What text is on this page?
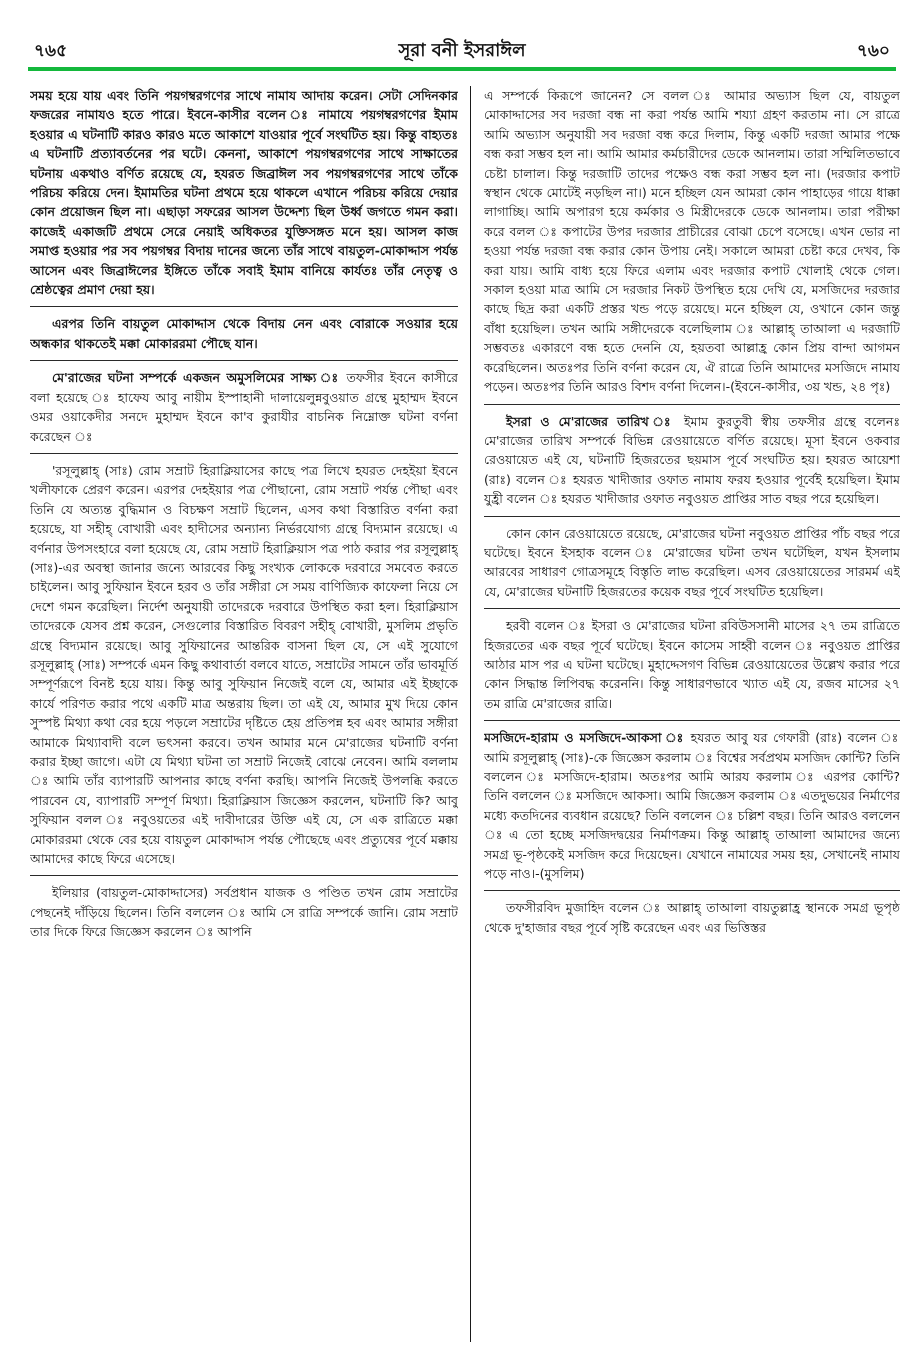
৭৬৫	সূরা বনী ইসরাঈল	৭৬০

সময় হয়ে যায় এবং তিনি পয়গম্বরগণের সাথে নামায আদায় করেন। সেটা সেদিনকার ফজরের নামাযও হতে পারে। ইবনে-কাসীর বলেন ঃ নামাযে পয়গম্বরগণের ইমাম হওয়ার এ ঘটনাটি কারও কারও মতে আকাশে যাওয়ার পূর্বে সংঘটিত হয়। কিন্তু বাহ্যতঃ এ ঘটনাটি প্রত্যাবর্তনের পর ঘটে। কেননা, আকাশে পয়গম্বরগণের সাথে সাক্ষাতের ঘটনায় একথাও বর্ণিত রয়েছে যে, হযরত জিব্রাঈল সব পয়গম্বরগণের সাথে তাঁকে পরিচয় করিয়ে দেন। ইমামতির ঘটনা প্রথমে হয়ে থাকলে এখানে পরিচয় করিয়ে দেয়ার কোন প্রয়োজন ছিল না। এছাড়া সফরের আসল উদ্দেশ্য ছিল উর্ধ্ব জগতে গমন করা। কাজেই একাজটি প্রথমে সেরে নেয়াই অধিকতর যুক্তিসঙ্গত মনে হয়। আসল কাজ সমাপ্ত হওয়ার পর সব পয়গম্বর বিদায় দানের জন্যে তাঁর সাথে বায়তুল-মোকাদ্দাস পর্যন্ত আসেন এবং জিব্রাঈলের ইঙ্গিতে তাঁকে সবাই ইমাম বানিয়ে কার্যতঃ তাঁর নেতৃত্ব ও শ্রেষ্ঠত্বের প্রমাণ দেয়া হয়।

এরপর তিনি বায়তুল মোকাদ্দাস থেকে বিদায় নেন এবং বোরাকে সওয়ার হয়ে অন্ধকার থাকতেই মক্কা মোকাররমা পৌছে যান।

মে'রাজের ঘটনা সম্পর্কে একজন অমুসলিমের সাক্ষ্য ঃ তফসীর ইবনে কাসীরে বলা হয়েছে ঃ হাফেয আবু নায়ীম ইস্পাহানী দালায়েলুন্নবুওয়াত গ্রন্থে মুহাম্মদ ইবনে ওমর ওয়াকেদীর সনদে মুহাম্মদ ইবনে কা'ব কুরাযীর বাচনিক নিম্নোক্ত ঘটনা বর্ণনা করেছেন ঃ

'রসূলুল্লাহ্ (সাঃ) রোম সম্রাট হিরাক্লিয়াসের কাছে পত্র লিখে হযরত দেহইয়া ইবনে খলীফাকে প্রেরণ করেন। এরপর দেহইয়ার পত্র পৌছানো, রোম সম্রাট পর্যন্ত পৌছা এবং তিনি যে অত্যন্ত বুদ্ধিমান ও বিচক্ষণ সম্রাট ছিলেন, এসব কথা বিস্তারিত বর্ণনা করা হয়েছে, যা সহীহ্ বোখারী এবং হাদীসের অন্যান্য নির্ভরযোগ্য গ্রন্থে বিদ্যমান রয়েছে। এ বর্ণনার উপসংহারে বলা হয়েছে যে, রোম সম্রাট হিরাক্লিয়াস পত্র পাঠ করার পর রসূলুল্লাহ্ (সাঃ)-এর অবস্থা জানার জন্যে আরবের কিছু সংখ্যক লোককে দরবারে সমবেত করতে চাইলেন। আবু সুফিয়ান ইবনে হরব ও তাঁর সঙ্গীরা সে সময় বাণিজ্যিক কাফেলা নিয়ে সে দেশে গমন করেছিল। নির্দেশ অনুযায়ী তাদেরকে দরবারে উপস্থিত করা হল। হিরাক্লিয়াস তাদেরকে যেসব প্রশ্ন করেন, সেগুলোর বিস্তারিত বিবরণ সহীহ্ বোখারী, মুসলিম প্রভৃতি গ্রন্থে বিদ্যমান রয়েছে। আবু সুফিয়ানের আন্তরিক বাসনা ছিল যে, সে এই সুযোগে রসূলুল্লাহ্ (সাঃ) সম্পর্কে এমন কিছু কথাবার্তা বলবে যাতে, সম্রাটের সামনে তাঁর ভাবমূর্তি সম্পূর্ণরূপে বিনষ্ট হয়ে যায়। কিন্তু আবু সুফিয়ান নিজেই বলে যে, আমার এই ইচ্ছাকে কার্যে পরিণত করার পথে একটি মাত্র অন্তরায় ছিল। তা এই যে, আমার মুখ দিয়ে কোন সুস্পষ্ট মিথ্যা কথা বের হয়ে পড়লে সম্রাটের দৃষ্টিতে হেয় প্রতিপন্ন হব এবং আমার সঙ্গীরা আমাকে মিথ্যাবাদী বলে ভৎসনা করবে। তখন আমার মনে মে'রাজের ঘটনাটি বর্ণনা করার ইচ্ছা জাগে। এটা যে মিথ্যা ঘটনা তা সম্রাট নিজেই বোঝে নেবেন। আমি বললাম ঃ আমি তাঁর ব্যাপারটি আপনার কাছে বর্ণনা করছি। আপনি নিজেই উপলব্ধি করতে পারবেন যে, ব্যাপারটি সম্পূর্ণ মিথ্যা। হিরাক্লিয়াস জিজ্ঞেস করলেন, ঘটনাটি কি? আবু সুফিয়ান বলল ঃ নবুওয়তের এই দাবীদারের উক্তি এই যে, সে এক রাত্রিতে মক্কা মোকাররমা থেকে বের হয়ে বায়তুল মোকাদ্দাস পর্যন্ত পৌছেছে এবং প্রত্যুষের পূর্বে মক্কায় আমাদের কাছে ফিরে এসেছে।

ইলিয়ার (বায়তুল-মোকাদ্দাসের) সর্বপ্রধান যাজক ও পণ্ডিত তখন রোম সম্রাটের পেছনেই দাঁড়িয়ে ছিলেন। তিনি বললেন ঃ আমি সে রাত্রি সম্পর্কে জানি। রোম সম্রাট তার দিকে ফিরে জিজ্ঞেস করলেন ঃ আপনি

এ সম্পর্কে কিরূপে জানেন? সে বলল ঃ আমার অভ্যাস ছিল যে, বায়তুল মোকাদ্দাসের সব দরজা বন্ধ না করা পর্যন্ত আমি শয্যা গ্রহণ করতাম না। সে রাত্রে আমি অভ্যাস অনুযায়ী সব দরজা বন্ধ করে দিলাম, কিন্তু একটি দরজা আমার পক্ষে বন্ধ করা সম্ভব হল না। আমি আমার কর্মচারীদের ডেকে আনলাম। তারা সম্মিলিতভাবে চেষ্টা চালাল। কিন্তু দরজাটি তাদের পক্ষেও বন্ধ করা সম্ভব হল না। (দরজার কপাট স্বস্থান থেকে মোটেই নড়ছিল না।) মনে হচ্ছিল যেন আমরা কোন পাহাড়ের গায়ে ধাক্কা লাগাচ্ছি। আমি অপারগ হয়ে কর্মকার ও মিস্ত্রীদেরকে ডেকে আনলাম। তারা পরীক্ষা করে বলল ঃ কপাটের উপর দরজার প্রাচীরের বোঝা চেপে বসেছে। এখন ভোর না হওয়া পর্যন্ত দরজা বন্ধ করার কোন উপায় নেই। সকালে আমরা চেষ্টা করে দেখব, কি করা যায়। আমি বাধ্য হয়ে ফিরে এলাম এবং দরজার কপাট খোলাই থেকে গেল। সকাল হওয়া মাত্র আমি সে দরজার নিকট উপস্থিত হয়ে দেখি যে, মসজিদের দরজার কাছে ছিদ্র করা একটি প্রস্তর খন্ড পড়ে রয়েছে। মনে হচ্ছিল যে, ওখানে কোন জন্তু বাঁধা হয়েছিল। তখন আমি সঙ্গীদেরকে বলেছিলাম ঃ আল্লাহ্ তাআলা এ দরজাটি সম্ভবতঃ একারণে বন্ধ হতে দেননি যে, হয়তবা আল্লাহ্র কোন প্রিয় বান্দা আগমন করেছিলেন। অতঃপর তিনি বর্ণনা করেন যে, ঐ রাত্রে তিনি আমাদের মসজিদে নামায পড়েন। অতঃপর তিনি আরও বিশদ বর্ণনা দিলেন।-(ইবনে-কাসীর, ৩য় খন্ড, ২৪ পৃঃ)

ইসরা ও মে'রাজের তারিখ ঃ ইমাম কুরতুবী স্বীয় তফসীর গ্রন্থে বলেনঃ মে'রাজের তারিখ সম্পর্কে বিভিন্ন রেওয়ায়েতে বর্ণিত রয়েছে। মূসা ইবনে ওকবার রেওয়ায়েত এই যে, ঘটনাটি হিজরতের ছয়মাস পূর্বে সংঘটিত হয়। হযরত আয়েশা (রাঃ) বলেন ঃ হযরত খাদীজার ওফাত নামায ফরয হওয়ার পূর্বেই হয়েছিল। ইমাম যুহ্রী বলেন ঃ হযরত খাদীজার ওফাত নবুওয়ত প্রাপ্তির সাত বছর পরে হয়েছিল।

কোন কোন রেওয়ায়েতে রয়েছে, মে'রাজের ঘটনা নবুওয়ত প্রাপ্তির পাঁচ বছর পরে ঘটেছে। ইবনে ইসহাক বলেন ঃ মে'রাজের ঘটনা তখন ঘটেছিল, যখন ইসলাম আরবের সাধারণ গোত্রসমূহে বিস্তৃতি লাভ করেছিল। এসব রেওয়ায়েতের সারমর্ম এই যে, মে'রাজের ঘটনাটি হিজরতের কয়েক বছর পূর্বে সংঘটিত হয়েছিল।

হরবী বলেন ঃ ইসরা ও মে'রাজের ঘটনা রবিউসসানী মাসের ২৭ তম রাত্রিতে হিজরতের এক বছর পূর্বে ঘটেছে। ইবনে কাসেম সাহ্বী বলেন ঃ নবুওয়ত প্রাপ্তির আঠার মাস পর এ ঘটনা ঘটেছে। মুহাদ্দেসগণ বিভিন্ন রেওয়ায়েতের উল্লেখ করার পরে কোন সিদ্ধান্ত লিপিবদ্ধ করেননি। কিন্তু সাধারণভাবে খ্যাত এই যে, রজব মাসের ২৭ তম রাত্রি মে'রাজের রাত্রি।

মসজিদে-হারাম ও মসজিদে-আকসা ঃ হযরত আবু যর গেফারী (রাঃ) বলেন ঃ আমি রসূলুল্লাহ্ (সাঃ)-কে জিজ্ঞেস করলাম ঃ বিশ্বের সর্বপ্রথম মসজিদ কোন্টি? তিনি বললেন ঃ মসজিদে-হারাম। অতঃপর আমি আরয করলাম ঃ এরপর কোন্টি? তিনি বললেন ঃ মসজিদে আকসা। আমি জিজ্ঞেস করলাম ঃ এতদুভয়ের নির্মাণের মধ্যে কতদিনের ব্যবধান রয়েছে? তিনি বললেন ঃ চল্লিশ বছর। তিনি আরও বললেন ঃ এ তো হচ্ছে মসজিদদ্বয়ের নির্মাণক্রম। কিন্তু আল্লাহ্ তাআলা আমাদের জন্যে সমগ্র ভূ-পৃষ্ঠকেই মসজিদ করে দিয়েছেন। যেখানে নামাযের সময় হয়, সেখানেই নামায পড়ে নাও।-(মুসলিম)

তফসীরবিদ মুজাহিদ বলেন ঃ আল্লাহ্ তাআলা বায়তুল্লাহ্র স্থানকে সমগ্র ভূপৃষ্ঠ থেকে দু'হাজার বছর পূর্বে সৃষ্টি করেছেন এবং এর ভিত্তিস্তর
